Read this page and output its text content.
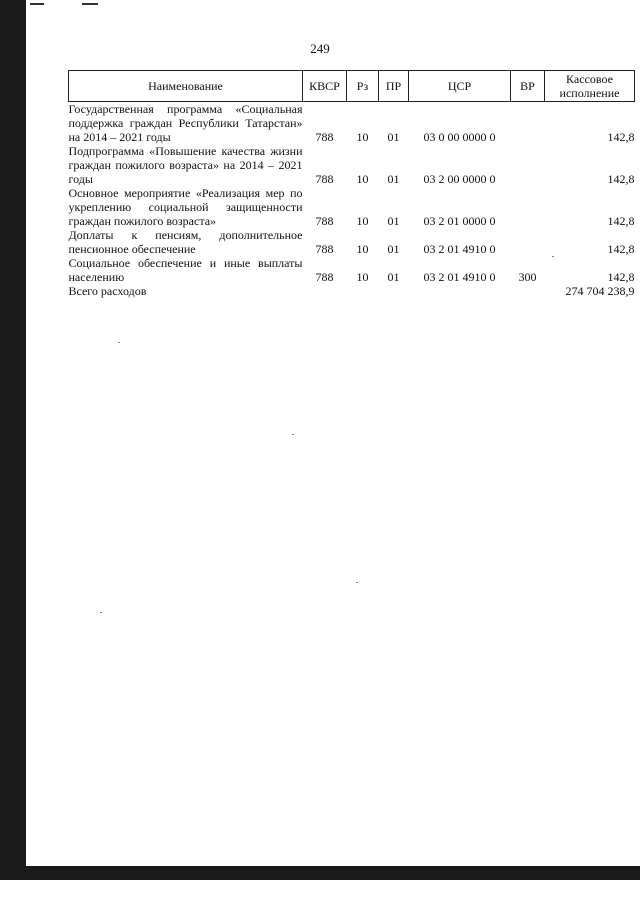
249
Наименование	КВСР	Рз	ПР	ЦСР	ВР	Кассовое исполнение
Государственная программа «Социальная поддержка граждан Республики Татарстан» на 2014 – 2021 годы	788	10	01	03 0 00 0000 0		142,8
Подпрограмма «Повышение качества жизни граждан пожилого возраста» на 2014 – 2021 годы	788	10	01	03 2 00 0000 0		142,8
Основное мероприятие «Реализация мер по укреплению социальной защищенности граждан пожилого возраста»	788	10	01	03 2 01 0000 0		142,8
Доплаты к пенсиям, дополнительное пенсионное обеспечение	788	10	01	03 2 01 4910 0		142,8
Социальное обеспечение и иные выплаты населению	788	10	01	03 2 01 4910 0	300	142,8
Всего расходов					274 704 238,9	
